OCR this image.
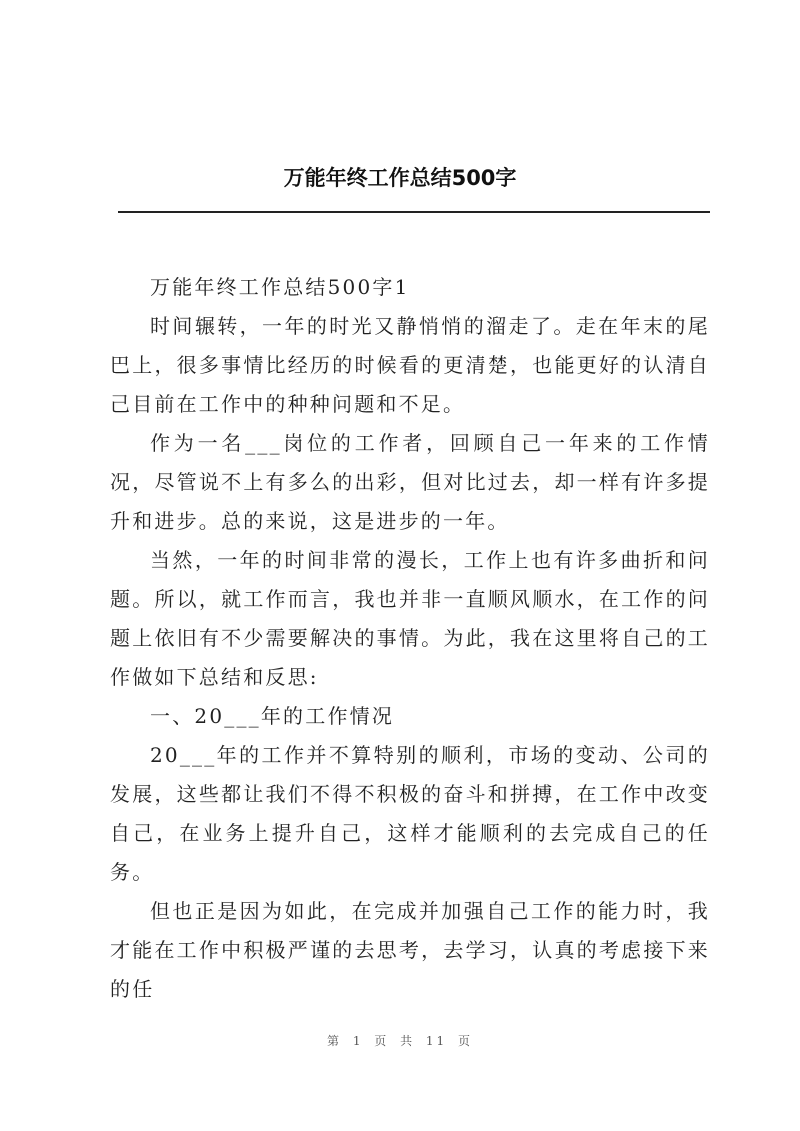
万能年终工作总结500字

万能年终工作总结500字1

时间辗转，一年的时光又静悄悄的溜走了。走在年末的尾巴上，很多事情比经历的时候看的更清楚，也能更好的认清自己目前在工作中的种种问题和不足。

作为一名___岗位的工作者，回顾自己一年来的工作情况，尽管说不上有多么的出彩，但对比过去，却一样有许多提升和进步。总的来说，这是进步的一年。

当然，一年的时间非常的漫长，工作上也有许多曲折和问题。所以，就工作而言，我也并非一直顺风顺水，在工作的问题上依旧有不少需要解决的事情。为此，我在这里将自己的工作做如下总结和反思:

一、20___年的工作情况

20___年的工作并不算特别的顺利，市场的变动、公司的发展，这些都让我们不得不积极的奋斗和拼搏，在工作中改变自己，在业务上提升自己，这样才能顺利的去完成自己的任务。

但也正是因为如此，在完成并加强自己工作的能力时，我才能在工作中积极严谨的去思考，去学习，认真的考虑接下来的任

第 1 页 共 11 页
